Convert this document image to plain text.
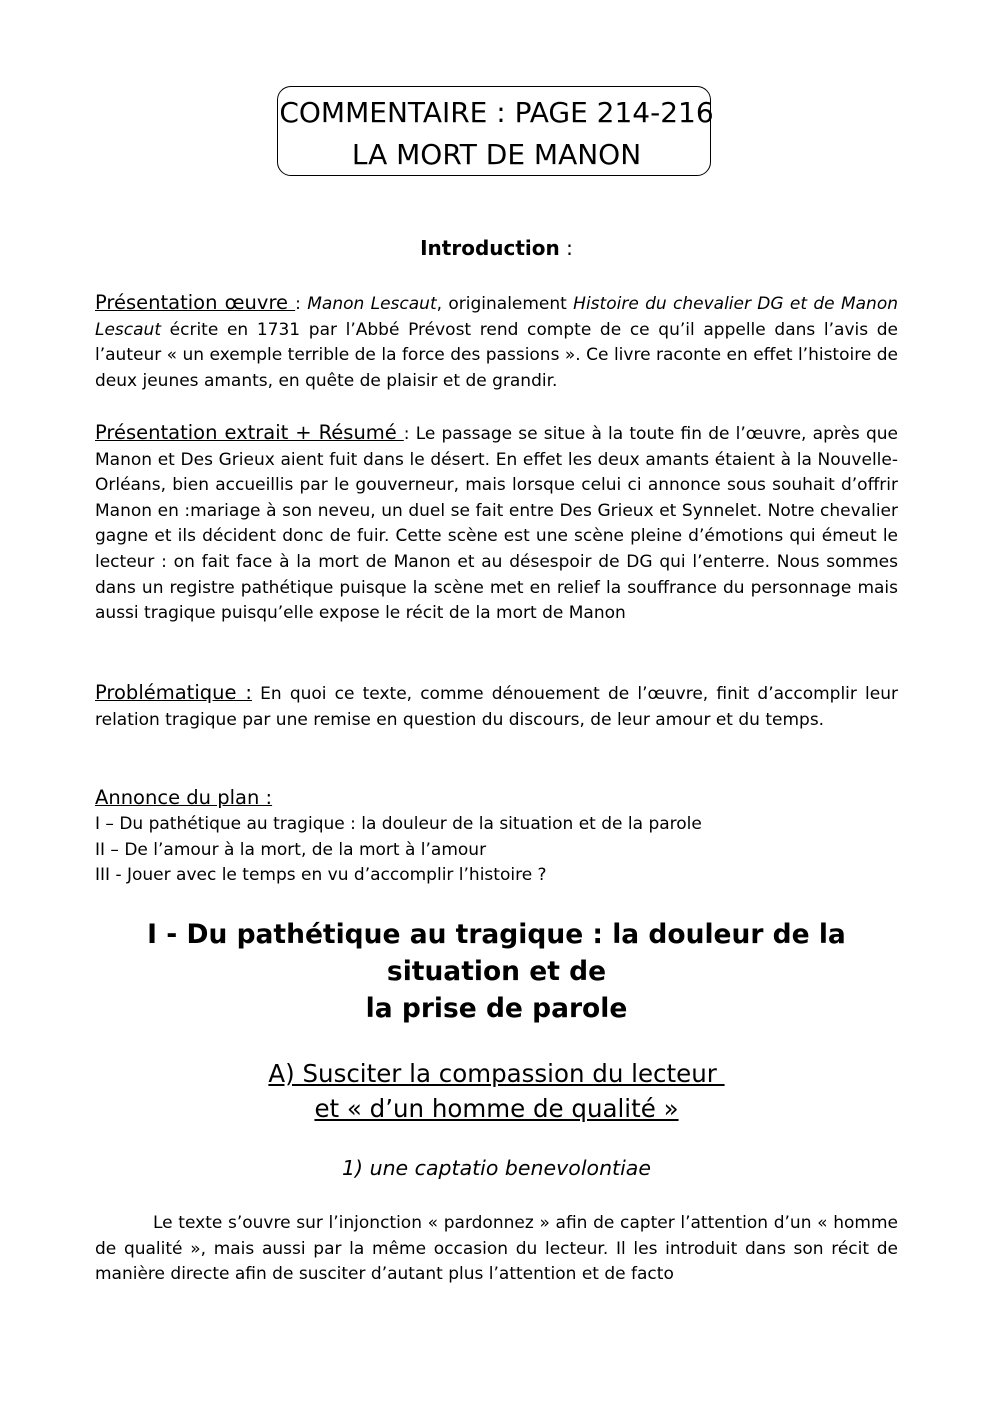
COMMENTAIRE : PAGE 214-216
LA MORT DE MANON
Introduction :

Présentation œuvre : Manon Lescaut, originalement Histoire du chevalier DG et de Manon Lescaut écrite en 1731 par l’Abbé Prévost rend compte de ce qu’il appelle dans l’avis de l’auteur « un exemple terrible de la force des passions ». Ce livre raconte en effet l’histoire de deux jeunes amants, en quête de plaisir et de grandir.

Présentation extrait + Résumé : Le passage se situe à la toute fin de l’œuvre, après que Manon et Des Grieux aient fuit dans le désert. En effet les deux amants étaient à la Nouvelle-Orléans, bien accueillis par le gouverneur, mais lorsque celui ci annonce sous souhait d’offrir Manon en :mariage à son neveu, un duel se fait entre Des Grieux et Synnelet. Notre chevalier gagne et ils décident donc de fuir. Cette scène est une scène pleine d’émotions qui émeut le lecteur : on fait face à la mort de Manon et au désespoir de DG qui l’enterre. Nous sommes dans un registre pathétique puisque la scène met en relief la souffrance du personnage mais aussi tragique puisqu’elle expose le récit de la mort de Manon

Problématique : En quoi ce texte, comme dénouement de l’œuvre, finit d’accomplir leur relation tragique par une remise en question du discours, de leur amour et du temps.

Annonce du plan :
I – Du pathétique au tragique : la douleur de la situation et de la parole
II – De l’amour à la mort, de la mort à l’amour
III - Jouer avec le temps en vu d’accomplir l’histoire ?
I - Du pathétique au tragique : la douleur de la
situation et de
la prise de parole
A) Susciter la compassion du lecteur
et « d’un homme de qualité »
1) une captatio benevolontiae

Le texte s’ouvre sur l’injonction « pardonnez » afin de capter l’attention d’un « homme de qualité », mais aussi par la même occasion du lecteur. Il les introduit dans son récit de manière directe afin de susciter d’autant plus l’attention et de facto
